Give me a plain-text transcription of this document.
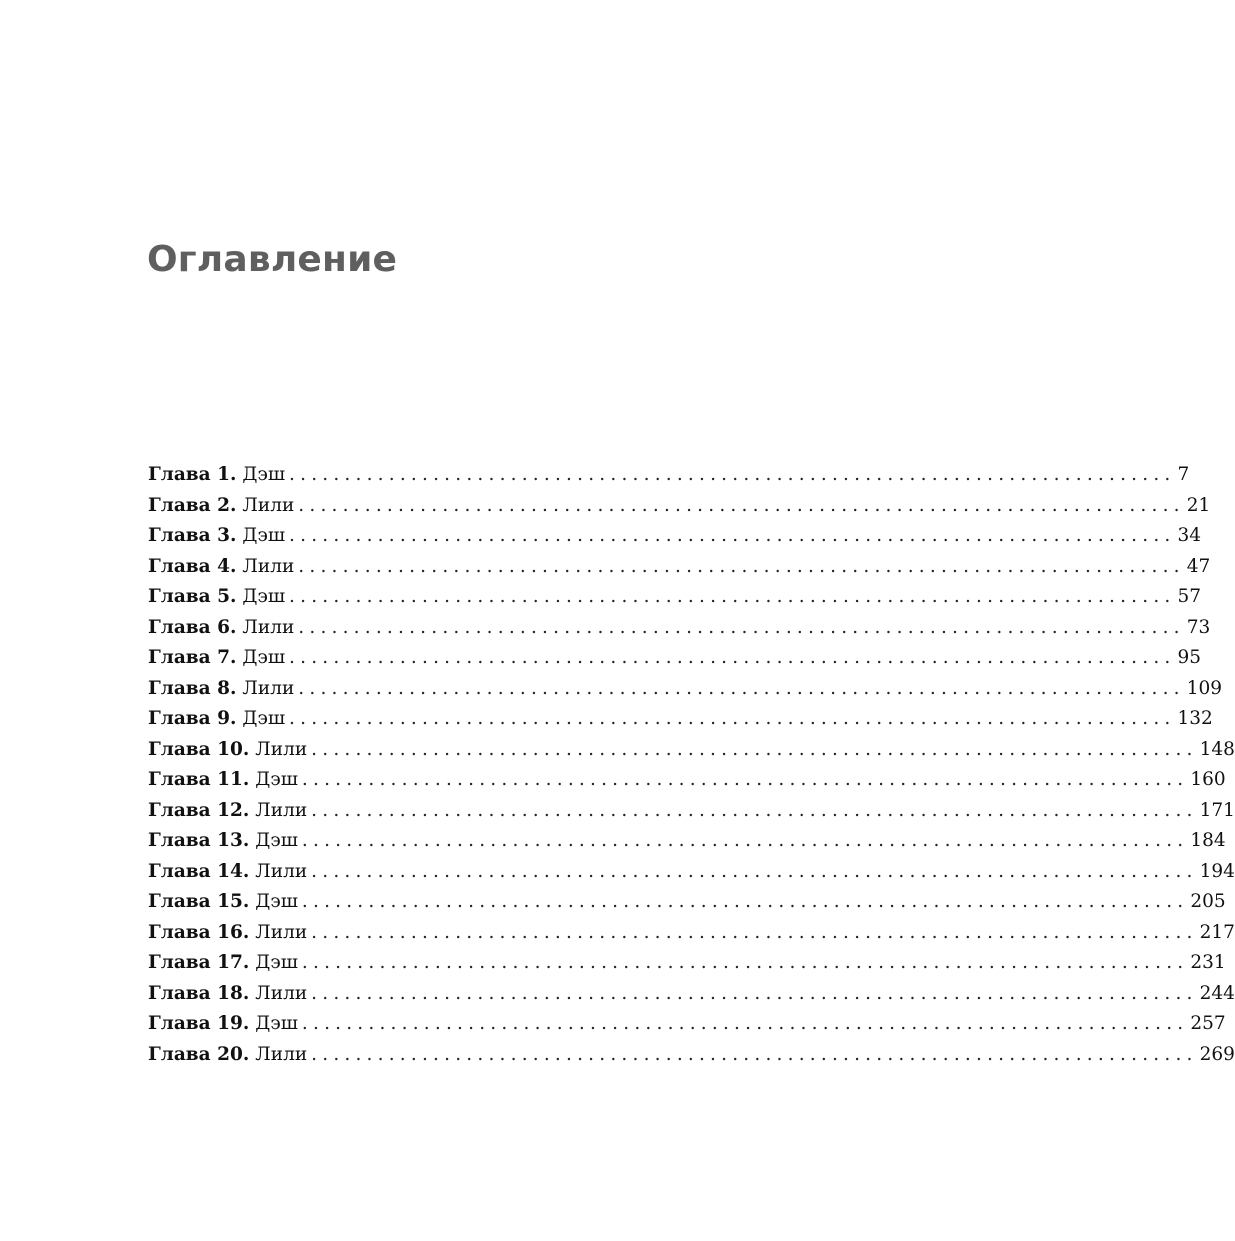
Оглавление
Глава 1 . Дэш ................................................................................ 7
Глава 2 . Лили ................................................................................ 21
Глава 3 . Дэш ................................................................................ 34
Глава 4 . Лили ................................................................................ 47
Глава 5 . Дэш ................................................................................ 57
Глава 6 . Лили ................................................................................ 73
Глава 7 . Дэш ................................................................................ 95
Глава 8 . Лили ................................................................................ 109
Глава 9 . Дэш ................................................................................ 132
Глава 10 . Лили ................................................................................ 148
Глава 11 . Дэш ................................................................................ 160
Глава 12 . Лили ................................................................................ 171
Глава 13 . Дэш ................................................................................ 184
Глава 14 . Лили ................................................................................ 194
Глава 15 . Дэш ................................................................................ 205
Глава 16 . Лили ................................................................................ 217
Глава 17 . Дэш ................................................................................ 231
Глава 18 . Лили ................................................................................ 244
Глава 19 . Дэш ................................................................................ 257
Глава 20 . Лили ................................................................................ 269
